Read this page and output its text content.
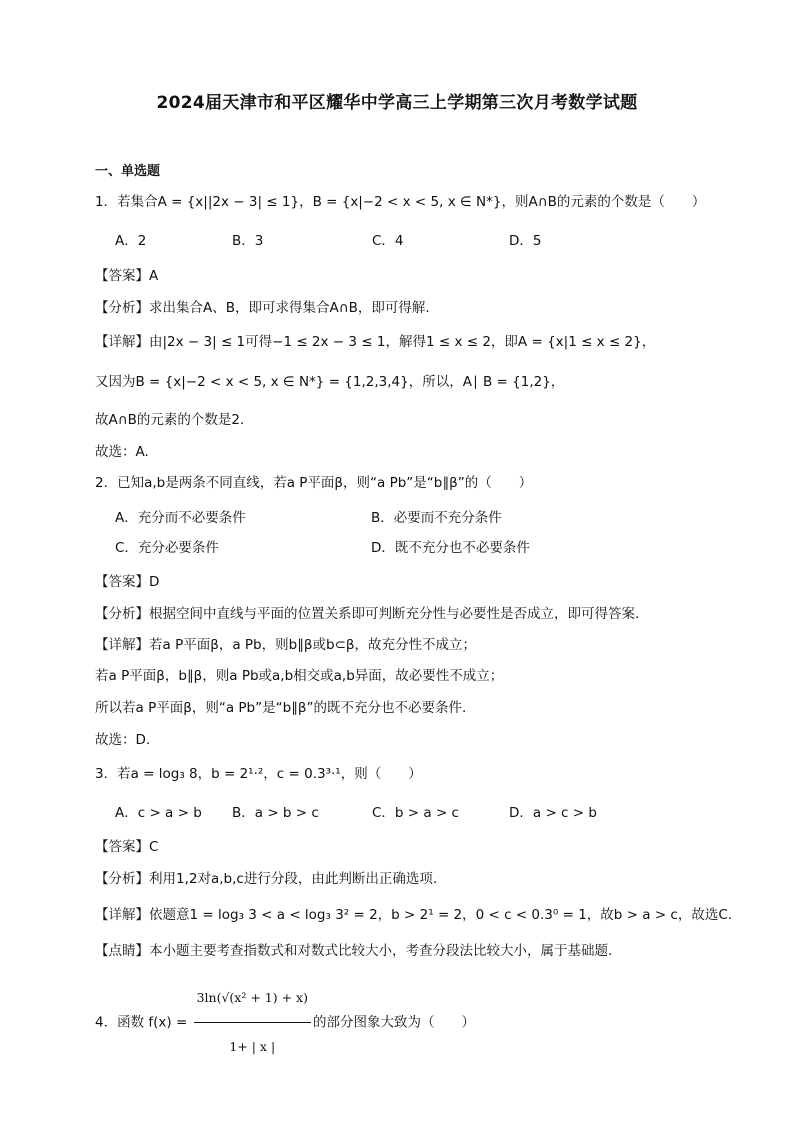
2024届天津市和平区耀华中学高三上学期第三次月考数学试题
一、单选题
1．若集合A = {x||2x − 3| ≤ 1}，B = {x|−2 < x < 5, x ∈ N*}，则A∩B的元素的个数是（　　）
A．2	B．3	C．4	D．5
【答案】A
【分析】求出集合A、B，即可求得集合A∩B，即可得解.
【详解】由|2x − 3| ≤ 1可得−1 ≤ 2x − 3 ≤ 1，解得1 ≤ x ≤ 2，即A = {x|1 ≤ x ≤ 2}，
又因为B = {x|−2 < x < 5, x ∈ N*} = {1,2,3,4}，所以，A∣ B = {1,2}，
故A∩B的元素的个数是2.
故选：A.
2．已知a,b是两条不同直线，若a P平面β，则“a Pb”是“b∥β”的（　　）
A．充分而不必要条件	B．必要而不充分条件
C．充分必要条件	D．既不充分也不必要条件
【答案】D
【分析】根据空间中直线与平面的位置关系即可判断充分性与必要性是否成立，即可得答案.
【详解】若a P平面β，a Pb，则b∥β或b⊂β，故充分性不成立；
若a P平面β，b∥β，则a Pb或a,b相交或a,b异面，故必要性不成立；
所以若a P平面β，则“a Pb”是“b∥β”的既不充分也不必要条件.
故选：D.
3．若a = log₃ 8，b = 2¹·²，c = 0.3³·¹，则（　　）
A．c > a > b B．a > b > c	C．b > a > c	D．a > c > b
【答案】C
【分析】利用1,2对a,b,c进行分段，由此判断出正确选项.
【详解】依题意1 = log₃ 3 < a < log₃ 3² = 2，b > 2¹ = 2，0 < c < 0.3⁰ = 1，故b > a > c，故选C.
【点睛】本小题主要考查指数式和对数式比较大小，考查分段法比较大小，属于基础题.
4．函数 $f(x) = \frac{\text{3ln(√(x² + 1) + x)}}{1+ | x |}$ 的部分图象大致为（　　）
